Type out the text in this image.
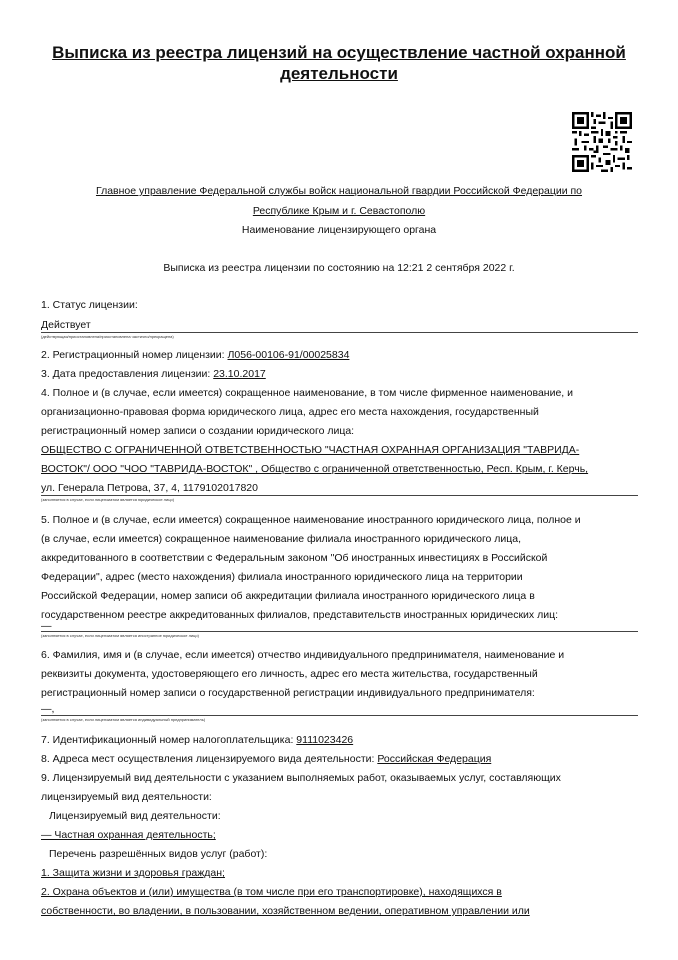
Выписка из реестра лицензий на осуществление частной охранной
деятельности
Главное управление Федеральной службы войск национальной гвардии Российской Федерации по
Республике Крым и г. Севастополю
Наименование лицензирующего органа
Выписка из реестра лицензии по состоянию на 12:21 2 сентября 2022 г.
1. Статус лицензии:
Действует
(действующая/приостановлена/приостановлена частично/прекращена)
2. Регистрационный номер лицензии: Л056-00106-91/00025834
3. Дата предоставления лицензии: 23.10.2017
4. Полное и (в случае, если имеется) сокращенное наименование, в том числе фирменное наименование, и
организационно-правовая форма юридического лица, адрес его места нахождения, государственный
регистрационный номер записи о создании юридического лица:
ОБЩЕСТВО С ОГРАНИЧЕННОЙ ОТВЕТСТВЕННОСТЬЮ "ЧАСТНАЯ ОХРАННАЯ ОРГАНИЗАЦИЯ "ТАВРИДА-
ВОСТОК"/ ООО "ЧОО "ТАВРИДА-ВОСТОК" , Общество с ограниченной ответственностью, Респ. Крым, г. Керчь,
ул. Генерала Петрова, 37, 4, 1179102017820
(заполняется в случае, если лицензиатом является юридическое лицо)
5. Полное и (в случае, если имеется) сокращенное наименование иностранного юридического лица, полное и
(в случае, если имеется) сокращенное наименование филиала иностранного юридического лица,
аккредитованного в соответствии с Федеральным законом "Об иностранных инвестициях в Российской
Федерации", адрес (место нахождения) филиала иностранного юридического лица на территории
Российской Федерации, номер записи об аккредитации филиала иностранного юридического лица в
государственном реестре аккредитованных филиалов, представительств иностранных юридических лиц:
—
(заполняется в случае, если лицензиатом является иностранное юридическое лицо)
6. Фамилия, имя и (в случае, если имеется) отчество индивидуального предпринимателя, наименование и
реквизиты документа, удостоверяющего его личность, адрес его места жительства, государственный
регистрационный номер записи о государственной регистрации индивидуального предпринимателя:
—,
(заполняется в случае, если лицензиатом является индивидуальный предприниматель)
7. Идентификационный номер налогоплательщика: 9111023426
8. Адреса мест осуществления лицензируемого вида деятельности: Российская Федерация
9. Лицензируемый вид деятельности с указанием выполняемых работ, оказываемых услуг, составляющих
лицензируемый вид деятельности:
Лицензируемый вид деятельности:
— Частная охранная деятельность;
Перечень разрешённых видов услуг (работ):
1. Защита жизни и здоровья граждан;
2. Охрана объектов и (или) имущества (в том числе при его транспортировке), находящихся в
собственности, во владении, в пользовании, хозяйственном ведении, оперативном управлении или
